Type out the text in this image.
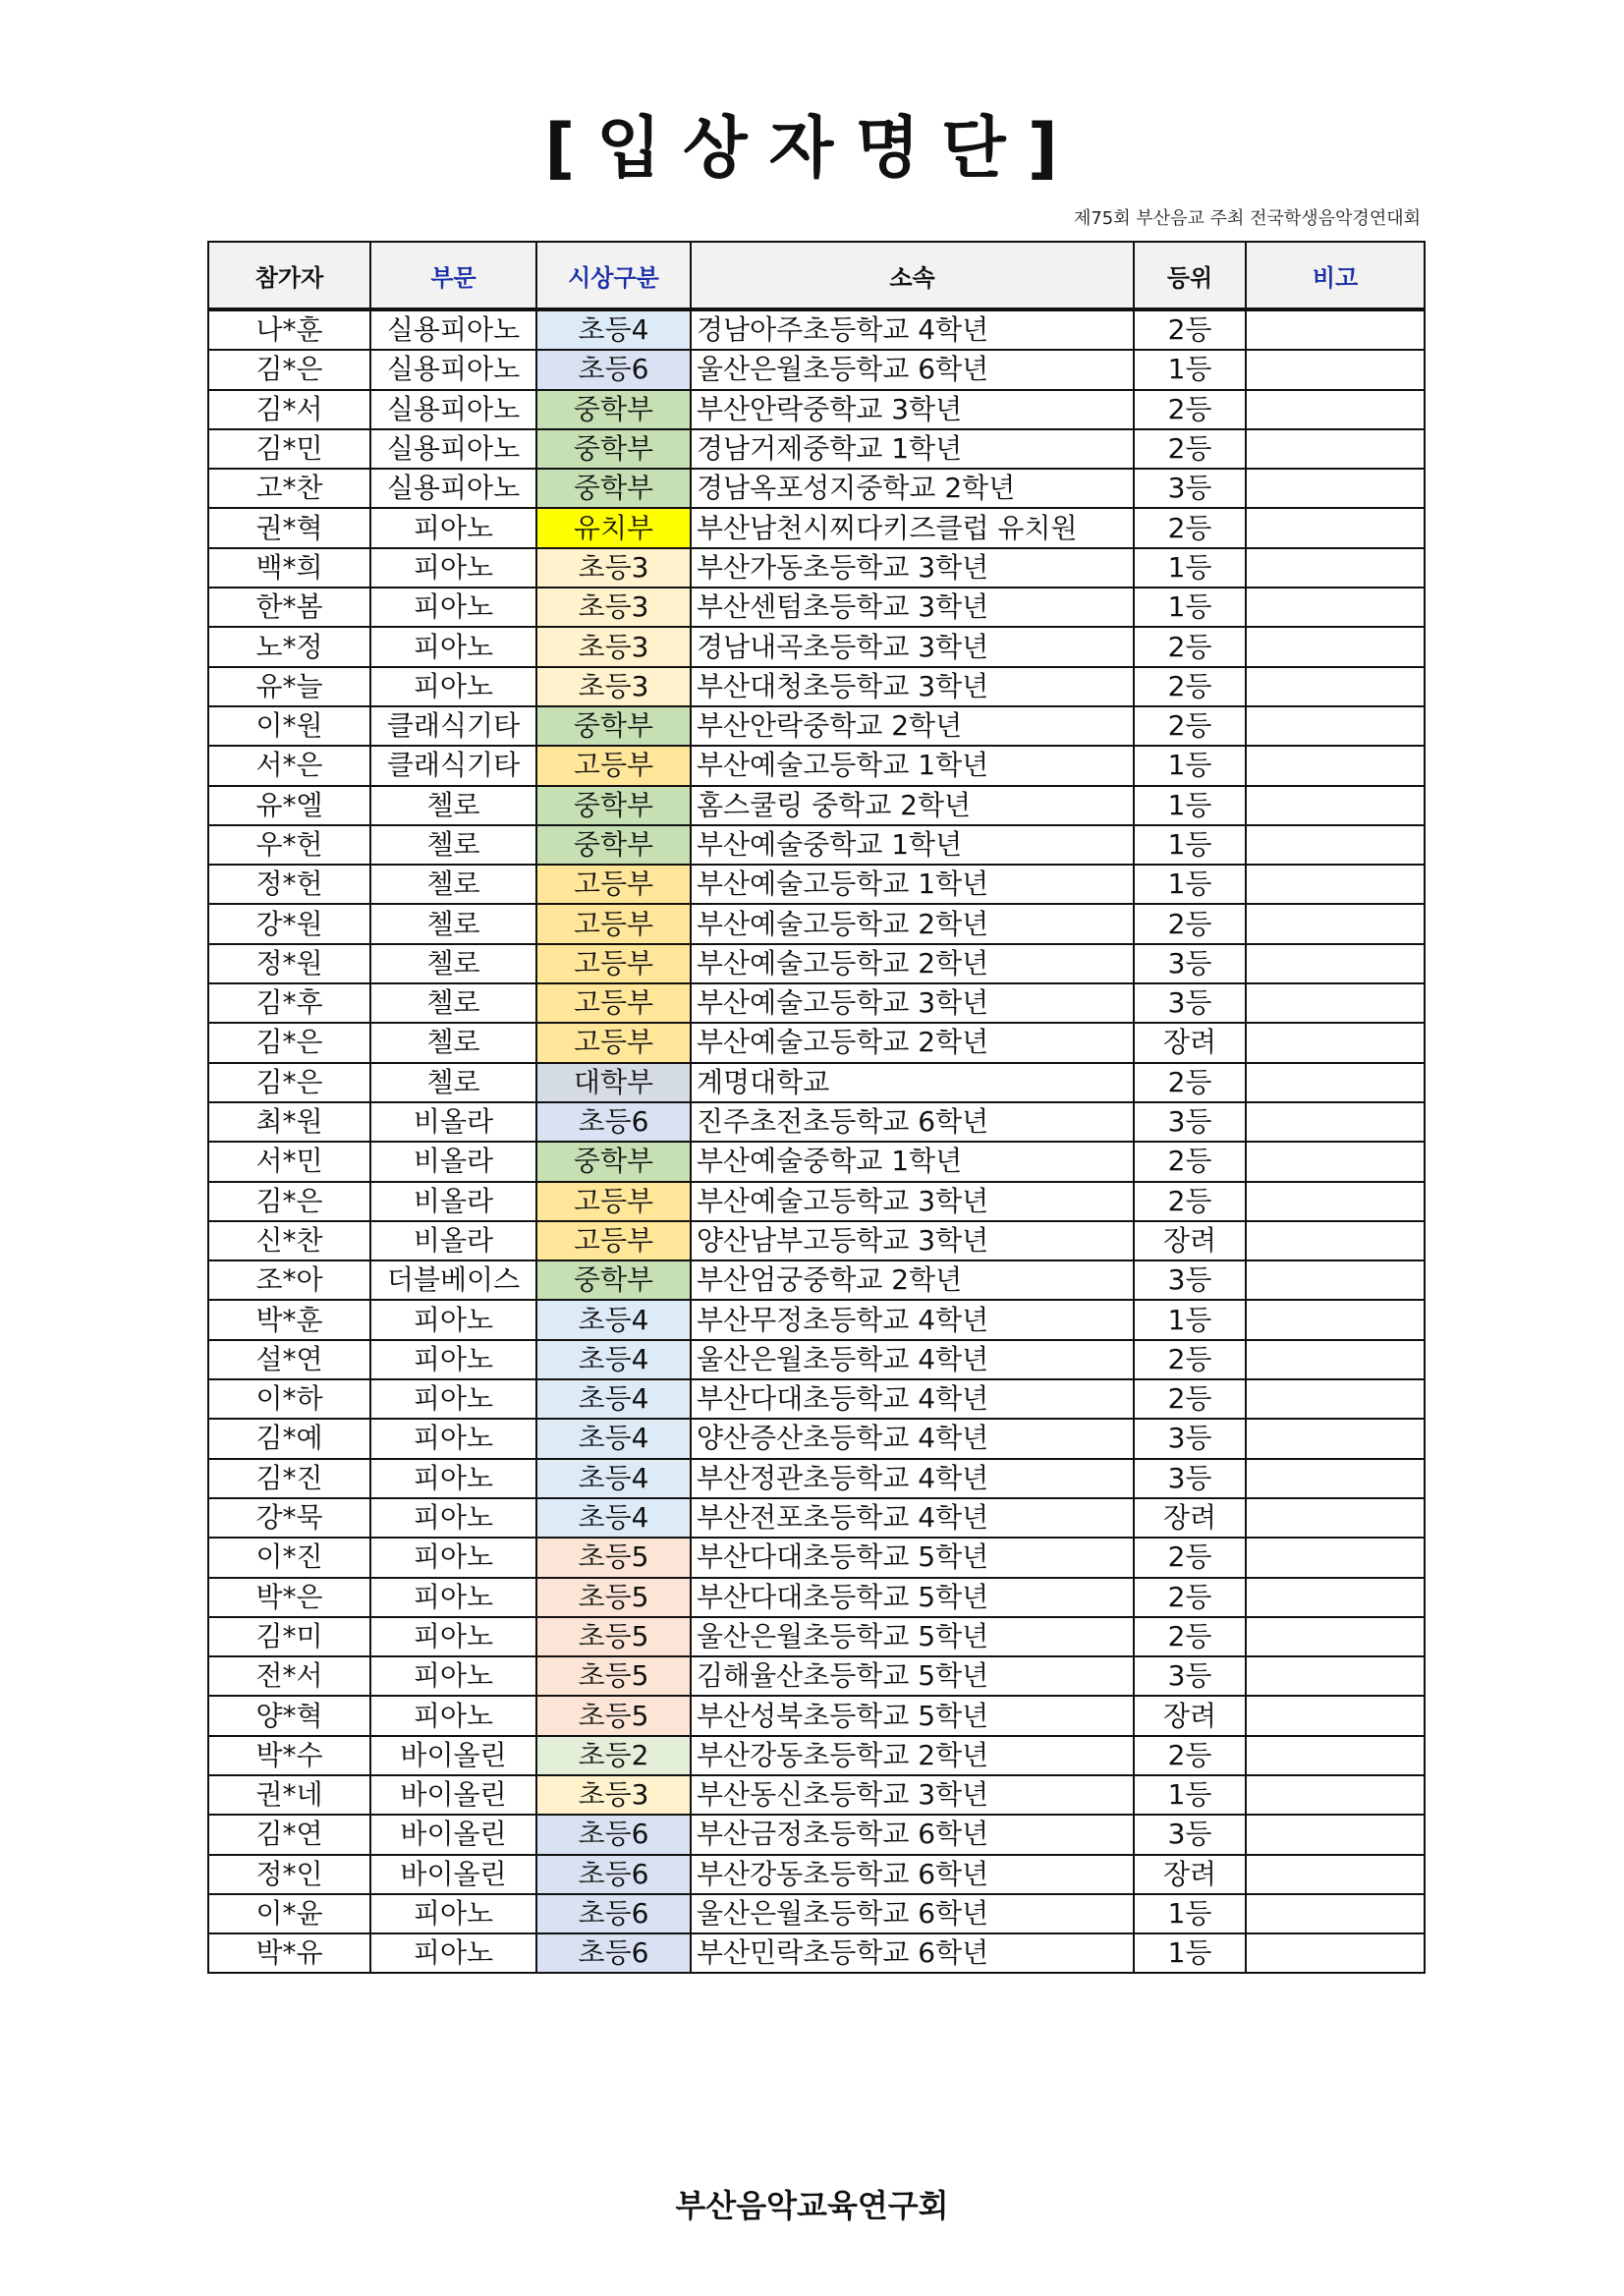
[입상자명단]
제75회 부산음교 주최 전국학생음악경연대회
참가자	부문	시상구분	소속	등위	비고
나*훈	실용피아노	초등4	경남아주초등학교 4학년	2등	
김*은	실용피아노	초등6	울산은월초등학교 6학년	1등	
김*서	실용피아노	중학부	부산안락중학교 3학년	2등	
김*민	실용피아노	중학부	경남거제중학교 1학년	2등	
고*찬	실용피아노	중학부	경남옥포성지중학교 2학년	3등	
권*혁	피아노	유치부	부산남천시찌다키즈클럽 유치원	2등	
백*희	피아노	초등3	부산가동초등학교 3학년	1등	
한*봄	피아노	초등3	부산센텀초등학교 3학년	1등	
노*정	피아노	초등3	경남내곡초등학교 3학년	2등	
유*늘	피아노	초등3	부산대청초등학교 3학년	2등	
이*원	클래식기타	중학부	부산안락중학교 2학년	2등	
서*은	클래식기타	고등부	부산예술고등학교 1학년	1등	
유*엘	첼로	중학부	홈스쿨링 중학교 2학년	1등	
우*헌	첼로	중학부	부산예술중학교 1학년	1등	
정*헌	첼로	고등부	부산예술고등학교 1학년	1등	
강*원	첼로	고등부	부산예술고등학교 2학년	2등	
정*원	첼로	고등부	부산예술고등학교 2학년	3등	
김*후	첼로	고등부	부산예술고등학교 3학년	3등	
김*은	첼로	고등부	부산예술고등학교 2학년	장려	
김*은	첼로	대학부	계명대학교	2등	
최*원	비올라	초등6	진주초전초등학교 6학년	3등	
서*민	비올라	중학부	부산예술중학교 1학년	2등	
김*은	비올라	고등부	부산예술고등학교 3학년	2등	
신*찬	비올라	고등부	양산남부고등학교 3학년	장려	
조*아	더블베이스	중학부	부산엄궁중학교 2학년	3등	
박*훈	피아노	초등4	부산무정초등학교 4학년	1등	
설*연	피아노	초등4	울산은월초등학교 4학년	2등	
이*하	피아노	초등4	부산다대초등학교 4학년	2등	
김*예	피아노	초등4	양산증산초등학교 4학년	3등	
김*진	피아노	초등4	부산정관초등학교 4학년	3등	
강*묵	피아노	초등4	부산전포초등학교 4학년	장려	
이*진	피아노	초등5	부산다대초등학교 5학년	2등	
박*은	피아노	초등5	부산다대초등학교 5학년	2등	
김*미	피아노	초등5	울산은월초등학교 5학년	2등	
전*서	피아노	초등5	김해율산초등학교 5학년	3등	
양*혁	피아노	초등5	부산성북초등학교 5학년	장려	
박*수	바이올린	초등2	부산강동초등학교 2학년	2등	
권*네	바이올린	초등3	부산동신초등학교 3학년	1등	
김*연	바이올린	초등6	부산금정초등학교 6학년	3등	
정*인	바이올린	초등6	부산강동초등학교 6학년	장려	
이*윤	피아노	초등6	울산은월초등학교 6학년	1등	
박*유	피아노	초등6	부산민락초등학교 6학년	1등	
부산음악교육연구회
